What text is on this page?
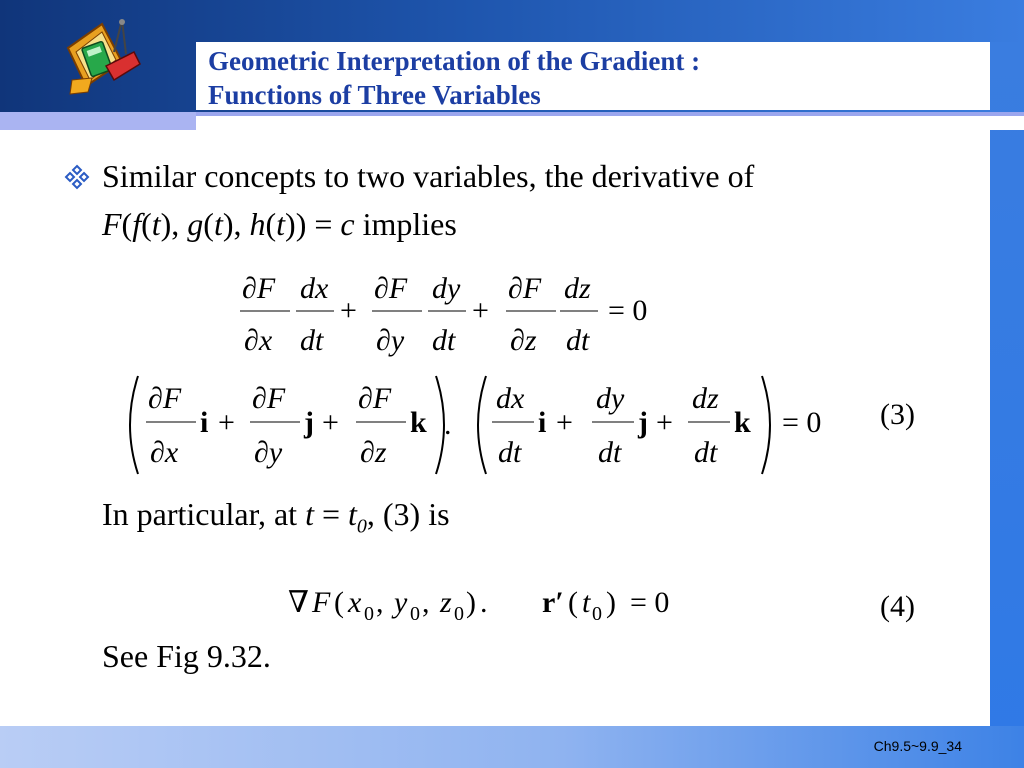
Geometric Interpretation of the Gradient :
Functions of Three Variables
Similar concepts to two variables, the derivative of
F(f(t), g(t), h(t)) = c implies
∂F
∂x
dx
dt
+
∂F
∂y
dy
dt
+
∂F
∂z
dz
dt
= 0
∂F
∂x
i +
∂F
∂y
j +
∂F
∂z
k .
dx
dt
i +
dy
dt
j +
dz
dt
k = 0 (3)
In particular, at $t = t_0$, (3) is
∇ F ( x 0 , y 0 , z 0 ) . r′ ( t 0 ) = 0	(4)
See Fig 9.32.
Ch9.5~9.9_34
